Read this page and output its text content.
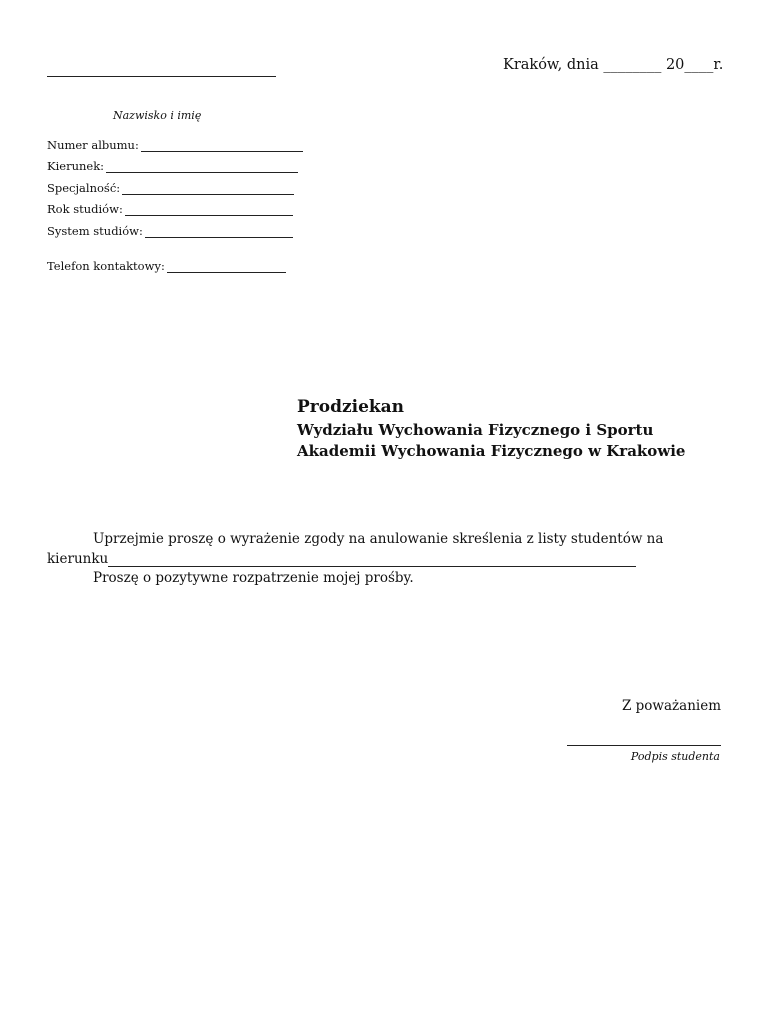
Kraków, dnia ________ 20____r.
Nazwisko i imię
Numer albumu:
Kierunek:
Specjalność:
Rok studiów:
System studiów:
Telefon kontaktowy:
Prodziekan
Wydziału Wychowania Fizycznego i Sportu
Akademii Wychowania Fizycznego w Krakowie
Uprzejmie proszę o wyrażenie zgody na anulowanie skreślenia z listy studentów na
kierunku
Proszę o pozytywne rozpatrzenie mojej prośby.
Z poważaniem
Podpis studenta
